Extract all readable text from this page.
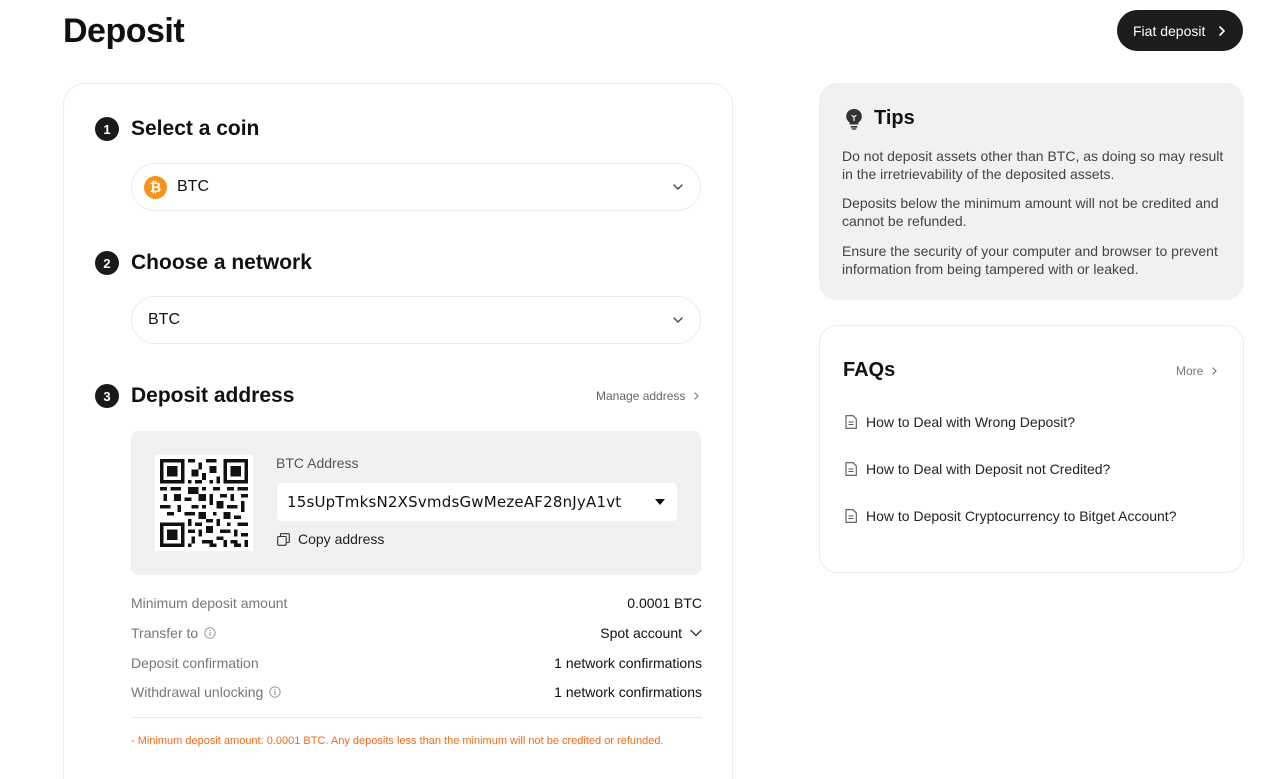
Deposit	Fiat deposit
1 Select a coin
₿ BTC
2 Choose a network
BTC
3 Deposit address	Manage address
BTC Address
15sUpTmksN2XSvmdsGwMezeAF28nJyA1vt
Copy address
Minimum deposit amount	0.0001 BTC
Transfer to	Spot account
Deposit confirmation	1 network confirmations
Withdrawal unlocking	1 network confirmations
- Minimum deposit amount: 0.0001 BTC. Any deposits less than the minimum will not be credited or refunded.
Tips
Do not deposit assets other than BTC, as doing so may result in the irretrievability of the deposited assets.
Deposits below the minimum amount will not be credited and cannot be refunded.
Ensure the security of your computer and browser to prevent information from being tampered with or leaked.
FAQs	More
How to Deal with Wrong Deposit?
How to Deal with Deposit not Credited?
How to Deposit Cryptocurrency to Bitget Account?
